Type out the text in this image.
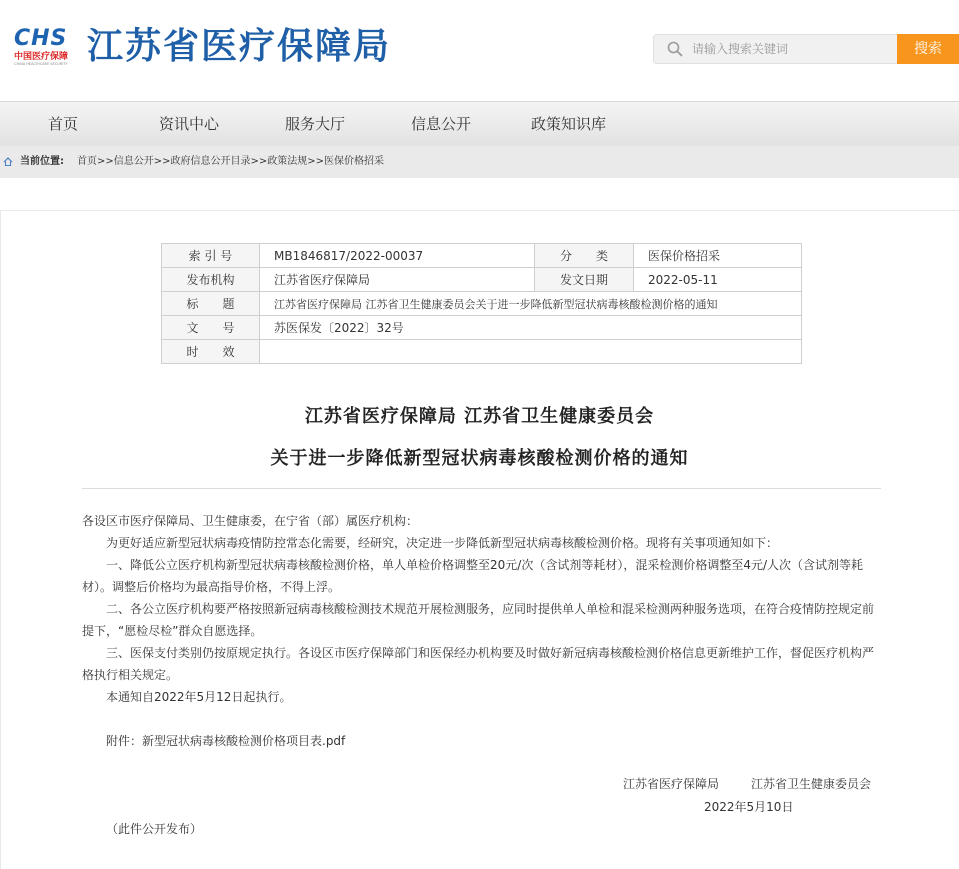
CHS
中国医疗保障
CHINA HEALTHCARE SECURITY 江苏省医疗保障局
请输入搜索关键词	搜索
首页	资讯中心	服务大厅	信息公开	政策知识库
当前位置: 首页>>信息公开>>政府信息公开目录>>政策法规>>医保价格招采
索 引 号	MB1846817/2022-00037	分　　类	医保价格招采
发布机构	江苏省医疗保障局	发文日期	2022-05-11
标　　题	江苏省医疗保障局 江苏省卫生健康委员会关于进一步降低新型冠状病毒核酸检测价格的通知		
文　　号	苏医保发〔2022〕32号		
时　　效			
江苏省医疗保障局 江苏省卫生健康委员会
关于进一步降低新型冠状病毒核酸检测价格的通知
各设区市医疗保障局、卫生健康委，在宁省（部）属医疗机构：
为更好适应新型冠状病毒疫情防控常态化需要，经研究，决定进一步降低新型冠状病毒核酸检测价格。现将有关事项通知如下：
一、降低公立医疗机构新型冠状病毒核酸检测价格，单人单检价格调整至20元/次（含试剂等耗材），混采检测价格调整至4元/人次（含试剂等耗
材）。调整后价格均为最高指导价格，不得上浮。
二、各公立医疗机构要严格按照新冠病毒核酸检测技术规范开展检测服务，应同时提供单人单检和混采检测两种服务选项，在符合疫情防控规定前
提下，“愿检尽检”群众自愿选择。
三、医保支付类别仍按原规定执行。各设区市医疗保障部门和医保经办机构要及时做好新冠病毒核酸检测价格信息更新维护工作，督促医疗机构严
格执行相关规定。
本通知自2022年5月12日起执行。
附件：新型冠状病毒核酸检测价格项目表.pdf
江苏省医疗保障局	江苏省卫生健康委员会
2022年5月10日
（此件公开发布）
